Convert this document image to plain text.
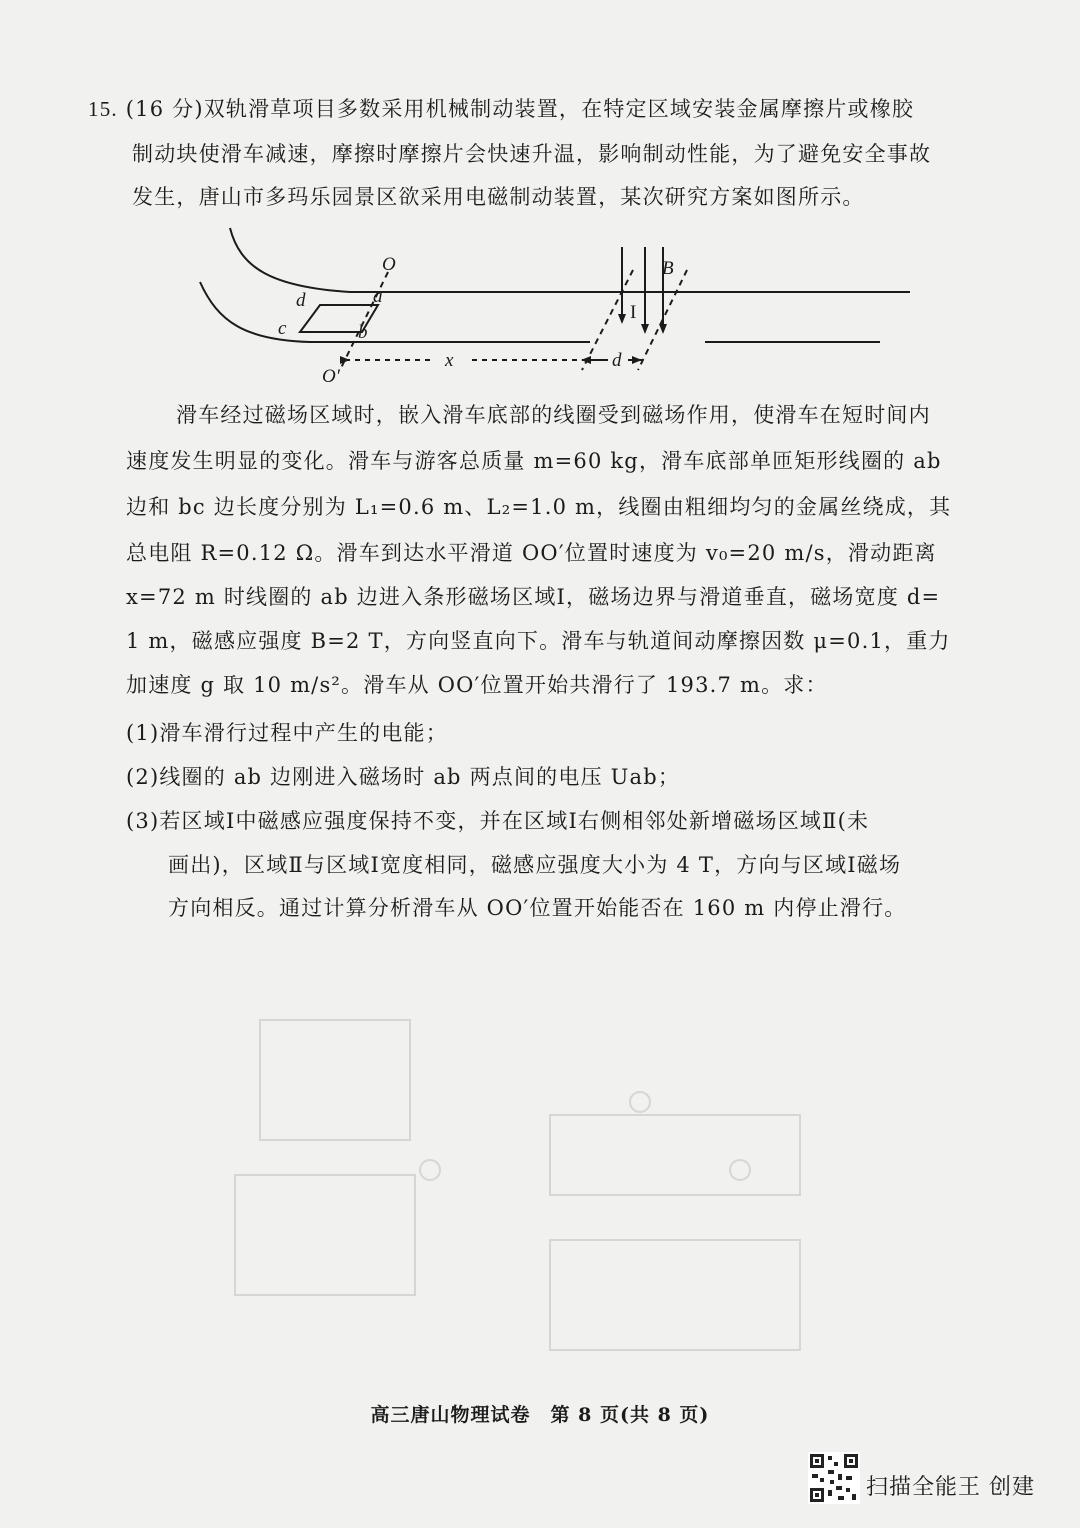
15. (16 分)双轨滑草项目多数采用机械制动装置，在特定区域安装金属摩擦片或橡胶
制动块使滑车减速，摩擦时摩擦片会快速升温，影响制动性能，为了避免安全事故
发生，唐山市多玛乐园景区欲采用电磁制动装置，某次研究方案如图所示。
O
a
d
c	b
O′
x	d
B
I
滑车经过磁场区域时，嵌入滑车底部的线圈受到磁场作用，使滑车在短时间内
速度发生明显的变化。滑车与游客总质量 m=60 kg，滑车底部单匝矩形线圈的 ab
边和 bc 边长度分别为 L₁=0.6 m、L₂=1.0 m，线圈由粗细均匀的金属丝绕成，其
总电阻 R=0.12 Ω。滑车到达水平滑道 OO′位置时速度为 v₀=20 m/s，滑动距离
x=72 m 时线圈的 ab 边进入条形磁场区域Ⅰ，磁场边界与滑道垂直，磁场宽度 d=
1 m，磁感应强度 B=2 T，方向竖直向下。滑车与轨道间动摩擦因数 μ=0.1，重力
加速度 g 取 10 m/s²。滑车从 OO′位置开始共滑行了 193.7 m。求：
(1)滑车滑行过程中产生的电能；
(2)线圈的 ab 边刚进入磁场时 ab 两点间的电压 Uab；
(3)若区域Ⅰ中磁感应强度保持不变，并在区域Ⅰ右侧相邻处新增磁场区域Ⅱ(未
画出)，区域Ⅱ与区域Ⅰ宽度相同，磁感应强度大小为 4 T，方向与区域Ⅰ磁场
方向相反。通过计算分析滑车从 OO′位置开始能否在 160 m 内停止滑行。
高三唐山物理试卷　第 8 页(共 8 页)
扫描全能王 创建
